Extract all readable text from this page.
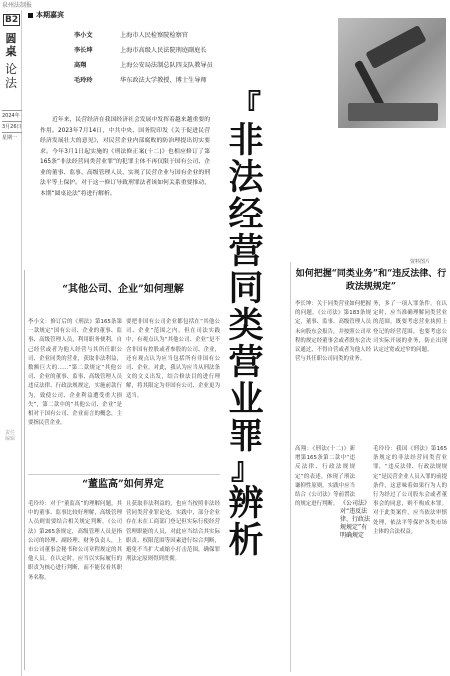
泉州法制报
B2
圆桌
论法
2024年
3月26日
星期一
责任编辑
本期嘉宾
李小文	上海市人民检察院检察官
李长坤	上海市高级人民法院刑庭副庭长
高翔	上海公安局法制总队四支队教导员
毛玲玲	华东政法大学教授、博士生导师
『
非法经营同类营业罪
』
辨析
资料图片
近年来，民营经济在我国经济社会发展中发挥着越来越重要的作用。2023年7月14日，中共中央、国务院印发《关于促进民营经济发展壮大的意见》，对民营企业内部腐败的防治理提出切实要求。今年3月1日起实施的《刑法修正案(十二)》也相应修订了第165条“非法经营同类营业罪”的犯罪主体不再仅限于国有公司、企业的董事、监事、高级管理人员，实现了民营企业与国有企业的刑法平等上保护。对于这一修订导致刑罪法者该如何关系重要推动，本期“圆桌论法”将进行解析。
“其他公司、企业”如何理解
李小文：修订后的《刑法》第165条第一款规定“国有公司、企业的董事、监事、高级管理人员，利用职务便利，自己经营或者为他人经营与其所任职公司、企业同类的营业，获取非法利益，数额巨大的……”第二款规定“其他公司、企业的董事、监事、高级管理人员违反法律、行政法规规定，实施前款行为，致使公司、企业利益遭受重大损失”，第二款中的“其他公司、企业”是相对于国有公司、企业而言的概念，主要指民营企业。
要把非国有公司企业都包括在“其他公司、企业”范围之内。但在司法实践中，有观点认为“其他公司、企业”是不含非国有控股或者参股的公司、企业，还有观点认为应当包括所有非国有公司、企业。对此，我认为应当从刑法条文的文义出发，结合修法目的进行理解，将其限定为非国有公司、企业更为适当。
“董监高”如何界定
毛玲玲：对于“董监高”的理解问题，其中的董事、监事比较好理解，高级管理人员则需要结合相关规定判断。《公司法》第265条规定，高级管理人员是指公司的经理、副经理、财务负责人，上市公司董事会秘书和公司章程规定的其他人员。在认定时，应当以实际履行的职责为核心进行判断，而不能仅看其职务名称。
且获取非法利益的，也应当按照非法经营同类营业罪论处。实践中，部分企业存在未在工商部门登记但实际行使经营管理职能的人员，对此应当结合其实际职责、权限范围等因素进行综合判断，避免不当扩大或缩小打击范围，确保罪刑法定原则得到贯彻。
如何把握“同类业务”和“违反法律、行政法规规定”
李长坤：关于同类营业如何把握的问题，《公司法》第183条规定，董事、监事、高级管理人员未向股东会报告，并按照公司章程的规定经董事会或者股东会决议通过，不得自营或者为他人经营与其任职公司同类的业务。
务，多了一项入罪条件。在认定时，应当准确理解同类营业的范围，既要考虑营业执照上登记的经营范围，也要考虑公司实际开展的业务，防止出现认定过宽或过窄的问题。
高翔：《刑法(十二)》新增第165条第二款中“违反法律、行政法规规定”的表述，体现了刑法谦抑性原则。实践中应当结合《公司法》等前置法的规定进行判断。
毛玲玲：我国《刑法》第165条规定的非法经营同类营业罪，“违反法律、行政法规规定”是民营企业人员入罪的前提条件，这意味着如果行为人的行为经过了公司股东会或者董事会的同意，则不构成本罪。对于此类案件，应当依法审慎处理，依法平等保护各类市场主体的合法权益。
《公司法》对“违反法律、行政法规规定”有明确规定
